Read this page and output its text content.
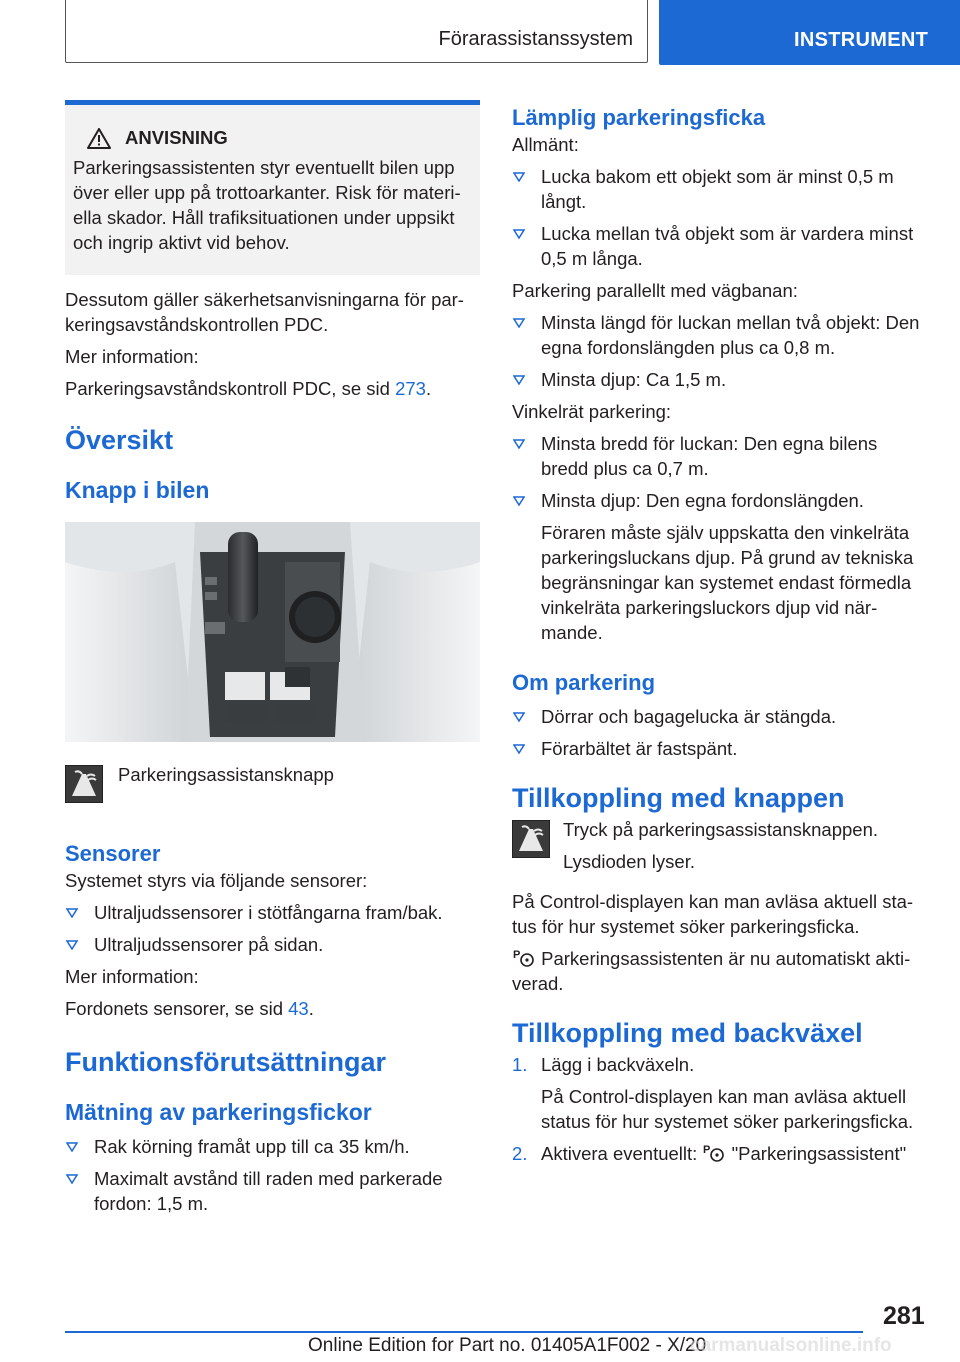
Förarassistanssystem	INSTRUMENT
ANVISNING
Parkeringsassistenten styr eventuellt bilen upp över eller upp på trottoarkanter. Risk för materi-ella skador. Håll trafiksituationen under uppsikt och ingrip aktivt vid behov.

Dessutom gäller säkerhetsanvisningarna för par-keringsavståndskontrollen PDC.

Mer information:

Parkeringsavståndskontroll PDC, se sid 273.

Översikt
Knapp i bilen

Parkeringsassistansknapp

Sensorer

Systemet styrs via följande sensorer:

Ultraljudssensorer i stötfångarna fram/bak.
Ultraljudssensorer på sidan.

Mer information:

Fordonets sensorer, se sid 43.

Funktionsförutsättningar
Mätning av parkeringsfickor
Rak körning framåt upp till ca 35 km/h.
Maximalt avstånd till raden med parkerade fordon: 1,5 m.
Lämplig parkeringsficka

Allmänt:

Lucka bakom ett objekt som är minst 0,5 m långt.
Lucka mellan två objekt som är vardera minst 0,5 m långa.

Parkering parallellt med vägbanan:

Minsta längd för luckan mellan två objekt: Den egna fordonslängden plus ca 0,8 m.
Minsta djup: Ca 1,5 m.

Vinkelrät parkering:

Minsta bredd för luckan: Den egna bilens bredd plus ca 0,7 m.
Minsta djup: Den egna fordonslängden.

Föraren måste själv uppskatta den vinkelräta parkeringsluckans djup. På grund av tekniska begränsningar kan systemet endast förmedla vinkelräta parkeringsluckors djup vid när-mande.

Om parkering
Dörrar och bagagelucka är stängda.
Förarbältet är fastspänt.
Tillkoppling med knappen

Tryck på parkeringsassistansknappen.

Lysdioden lyser.

På Control-displayen kan man avläsa aktuell sta-tus för hur systemet söker parkeringsficka.

P Parkeringsassistenten är nu automatiskt akti-verad.

Tillkoppling med backväxel
1. Lägg i backväxeln.

På Control-displayen kan man avläsa aktuell status för hur systemet söker parkeringsficka.

2. Aktivera eventuellt: P "Parkeringsassistent"
281
Online Edition for Part no. 01405A1F002 - X/20
carmanualsonline.info
